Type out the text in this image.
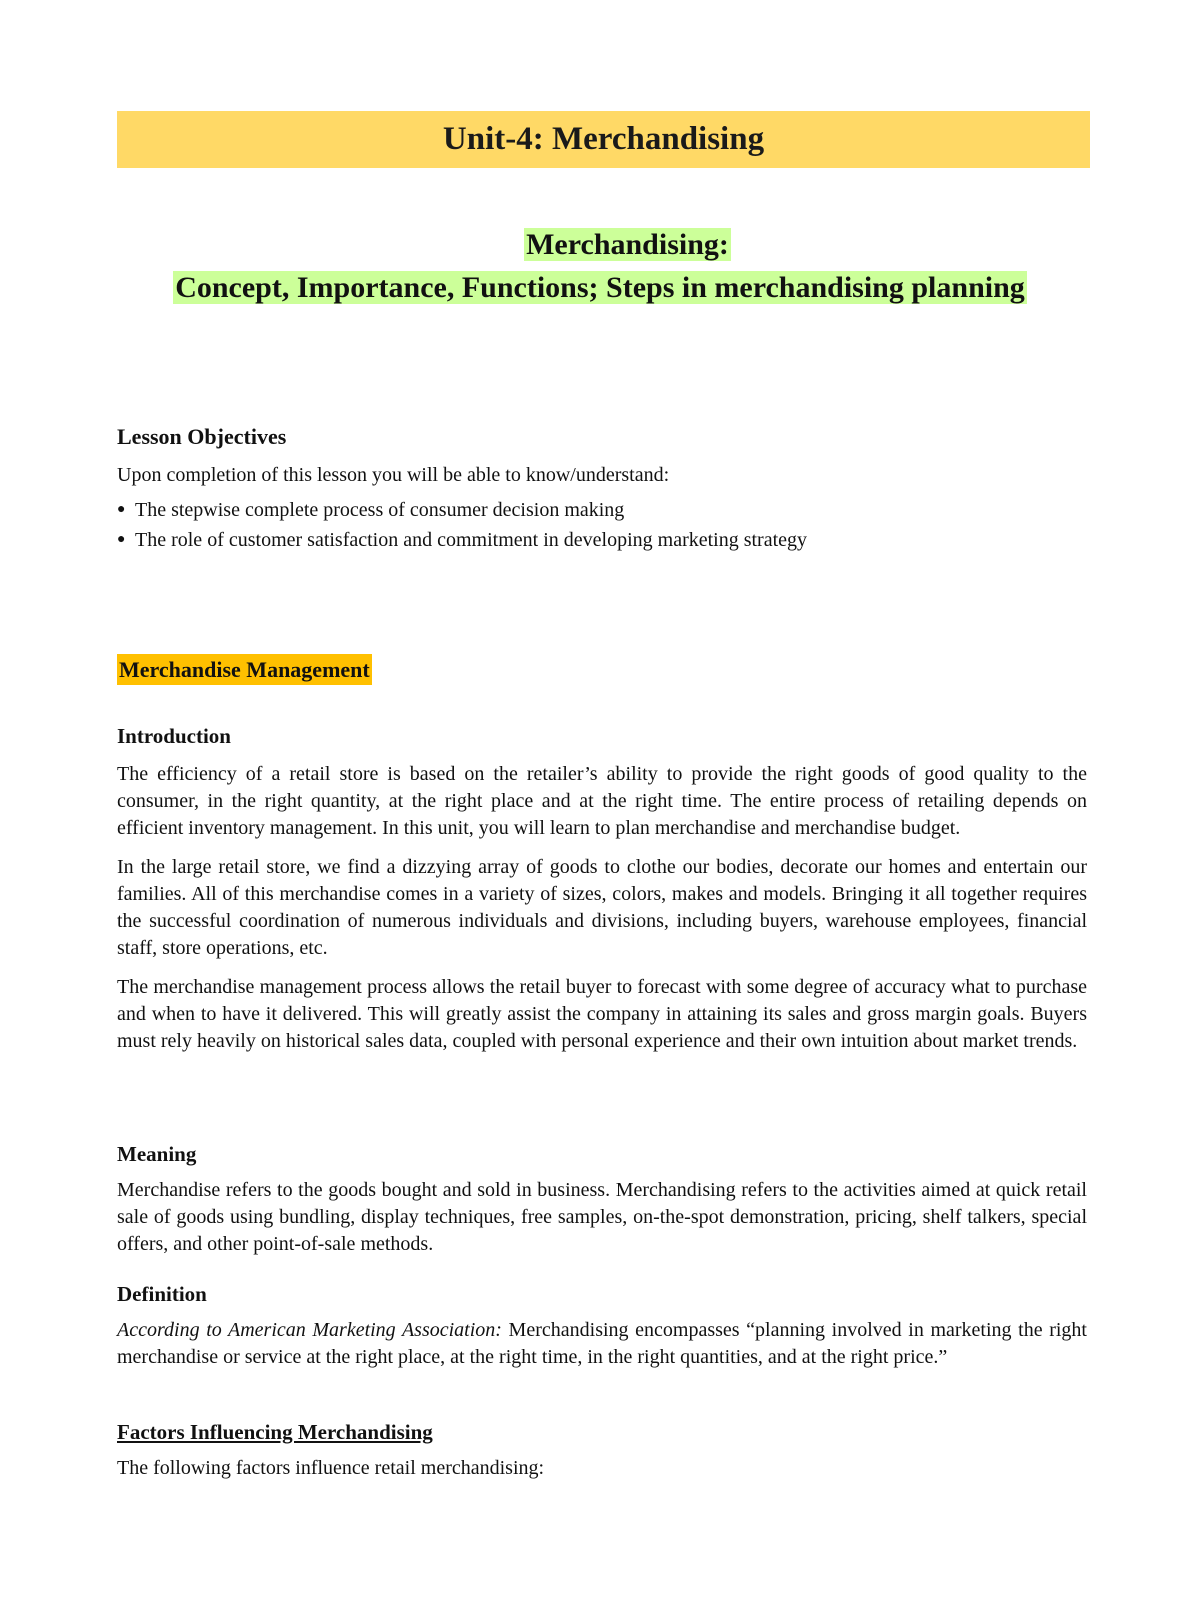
Unit-4: Merchandising
Merchandising:
Concept, Importance, Functions; Steps in merchandising planning
Lesson Objectives
Upon completion of this lesson you will be able to know/understand:
● The stepwise complete process of consumer decision making
● The role of customer satisfaction and commitment in developing marketing strategy
Merchandise Management
Introduction
The efficiency of a retail store is based on the retailer’s ability to provide the right goods of good quality to the consumer, in the right quantity, at the right place and at the right time. The entire process of retailing depends on efficient inventory management. In this unit, you will learn to plan merchandise and merchandise budget.
In the large retail store, we find a dizzying array of goods to clothe our bodies, decorate our homes and entertain our families. All of this merchandise comes in a variety of sizes, colors, makes and models. Bringing it all together requires the successful coordination of numerous individuals and divisions, including buyers, warehouse employees, financial staff, store operations, etc.
The merchandise management process allows the retail buyer to forecast with some degree of accuracy what to purchase and when to have it delivered. This will greatly assist the company in attaining its sales and gross margin goals. Buyers must rely heavily on historical sales data, coupled with personal experience and their own intuition about market trends.
Meaning
Merchandise refers to the goods bought and sold in business. Merchandising refers to the activities aimed at quick retail sale of goods using bundling, display techniques, free samples, on-the-spot demonstration, pricing, shelf talkers, special offers, and other point-of-sale methods.
Definition
According to American Marketing Association: Merchandising encompasses “planning involved in marketing the right merchandise or service at the right place, at the right time, in the right quantities, and at the right price.”
Factors Influencing Merchandising
The following factors influence retail merchandising:
